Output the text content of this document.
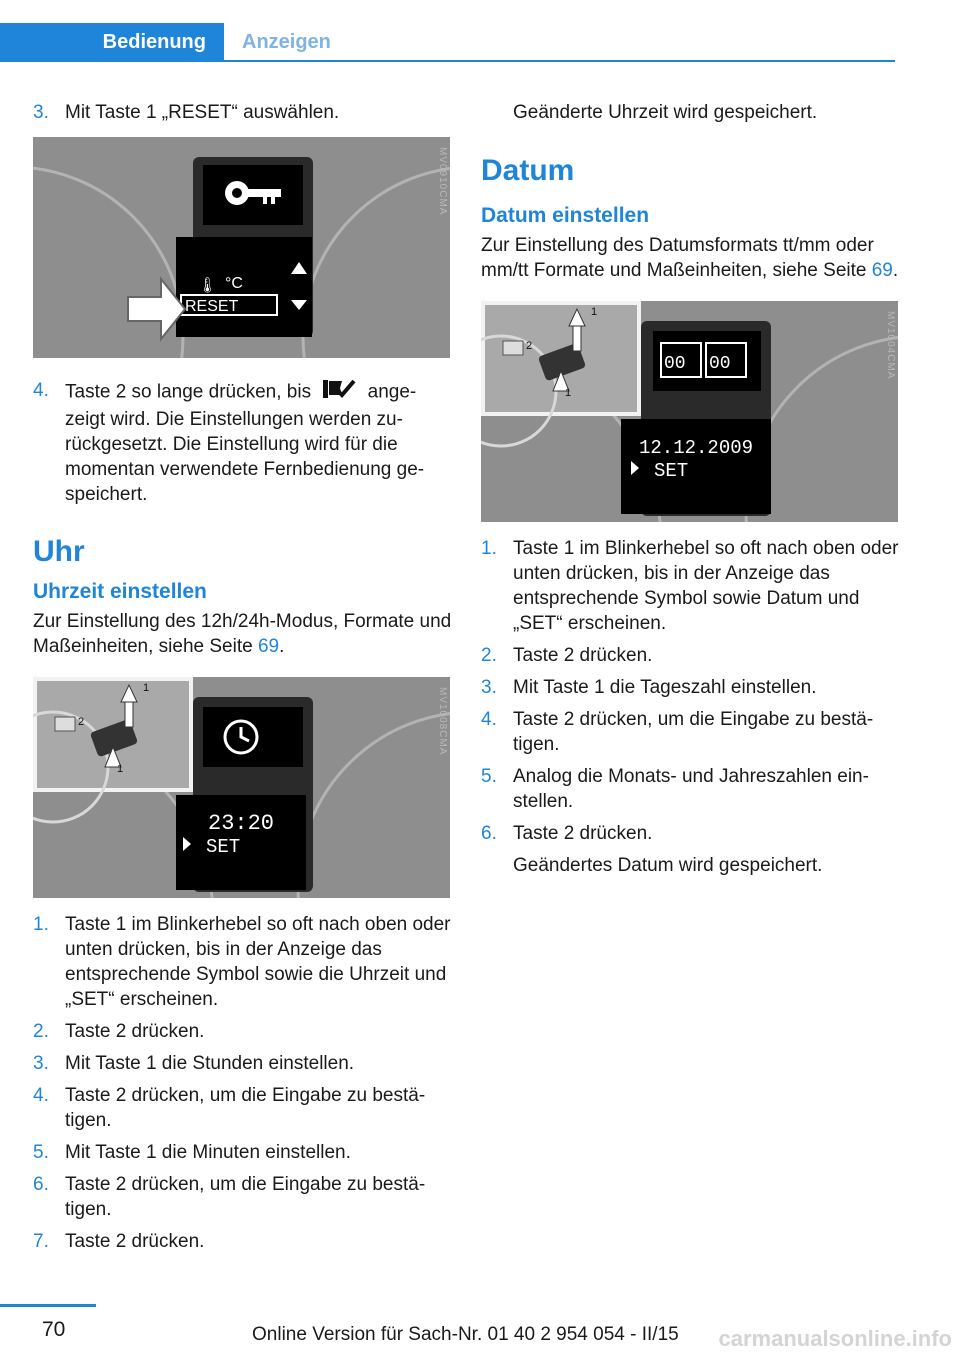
Bedienung	Anzeigen
3. Mit Taste 1 „RESET“ auswählen.
🌡 °C
RESET
MV0910CMA
4. Taste 2 so lange drücken, bis	ange‐ zeigt wird. Die Einstellungen werden zu‐ rückgesetzt. Die Einstellung wird für die momentan verwendete Fernbedienung ge‐ speichert.
Uhr
Uhrzeit einstellen

Zur Einstellung des 12h/24h-Modus, Formate und Maßeinheiten, siehe Seite 69.

23:20
SET
1
2
1
MV1008CMA
1. Taste 1 im Blinkerhebel so oft nach oben oder unten drücken, bis in der Anzeige das entsprechende Symbol sowie die Uhrzeit und „SET“ erscheinen.
2. Taste 2 drücken.
3. Mit Taste 1 die Stunden einstellen.
4. Taste 2 drücken, um die Eingabe zu bestä‐ tigen.
5. Mit Taste 1 die Minuten einstellen.
6. Taste 2 drücken, um die Eingabe zu bestä‐ tigen.
7. Taste 2 drücken.

Geänderte Uhrzeit wird gespeichert.

Datum
Datum einstellen

Zur Einstellung des Datumsformats tt/mm oder mm/tt Formate und Maßeinheiten, siehe Seite 69.

00 00
12.12.2009
SET
1
2
1
MV1004CMA
1. Taste 1 im Blinkerhebel so oft nach oben oder unten drücken, bis in der Anzeige das entsprechende Symbol sowie Datum und „SET“ erscheinen.
2. Taste 2 drücken.
3. Mit Taste 1 die Tageszahl einstellen.
4. Taste 2 drücken, um die Eingabe zu bestä‐ tigen.
5. Analog die Monats- und Jahreszahlen ein‐ stellen.
6. Taste 2 drücken.

Geändertes Datum wird gespeichert.

70	Online Version für Sach-Nr. 01 40 2 954 054 - II/15 carmanualsonline.info
